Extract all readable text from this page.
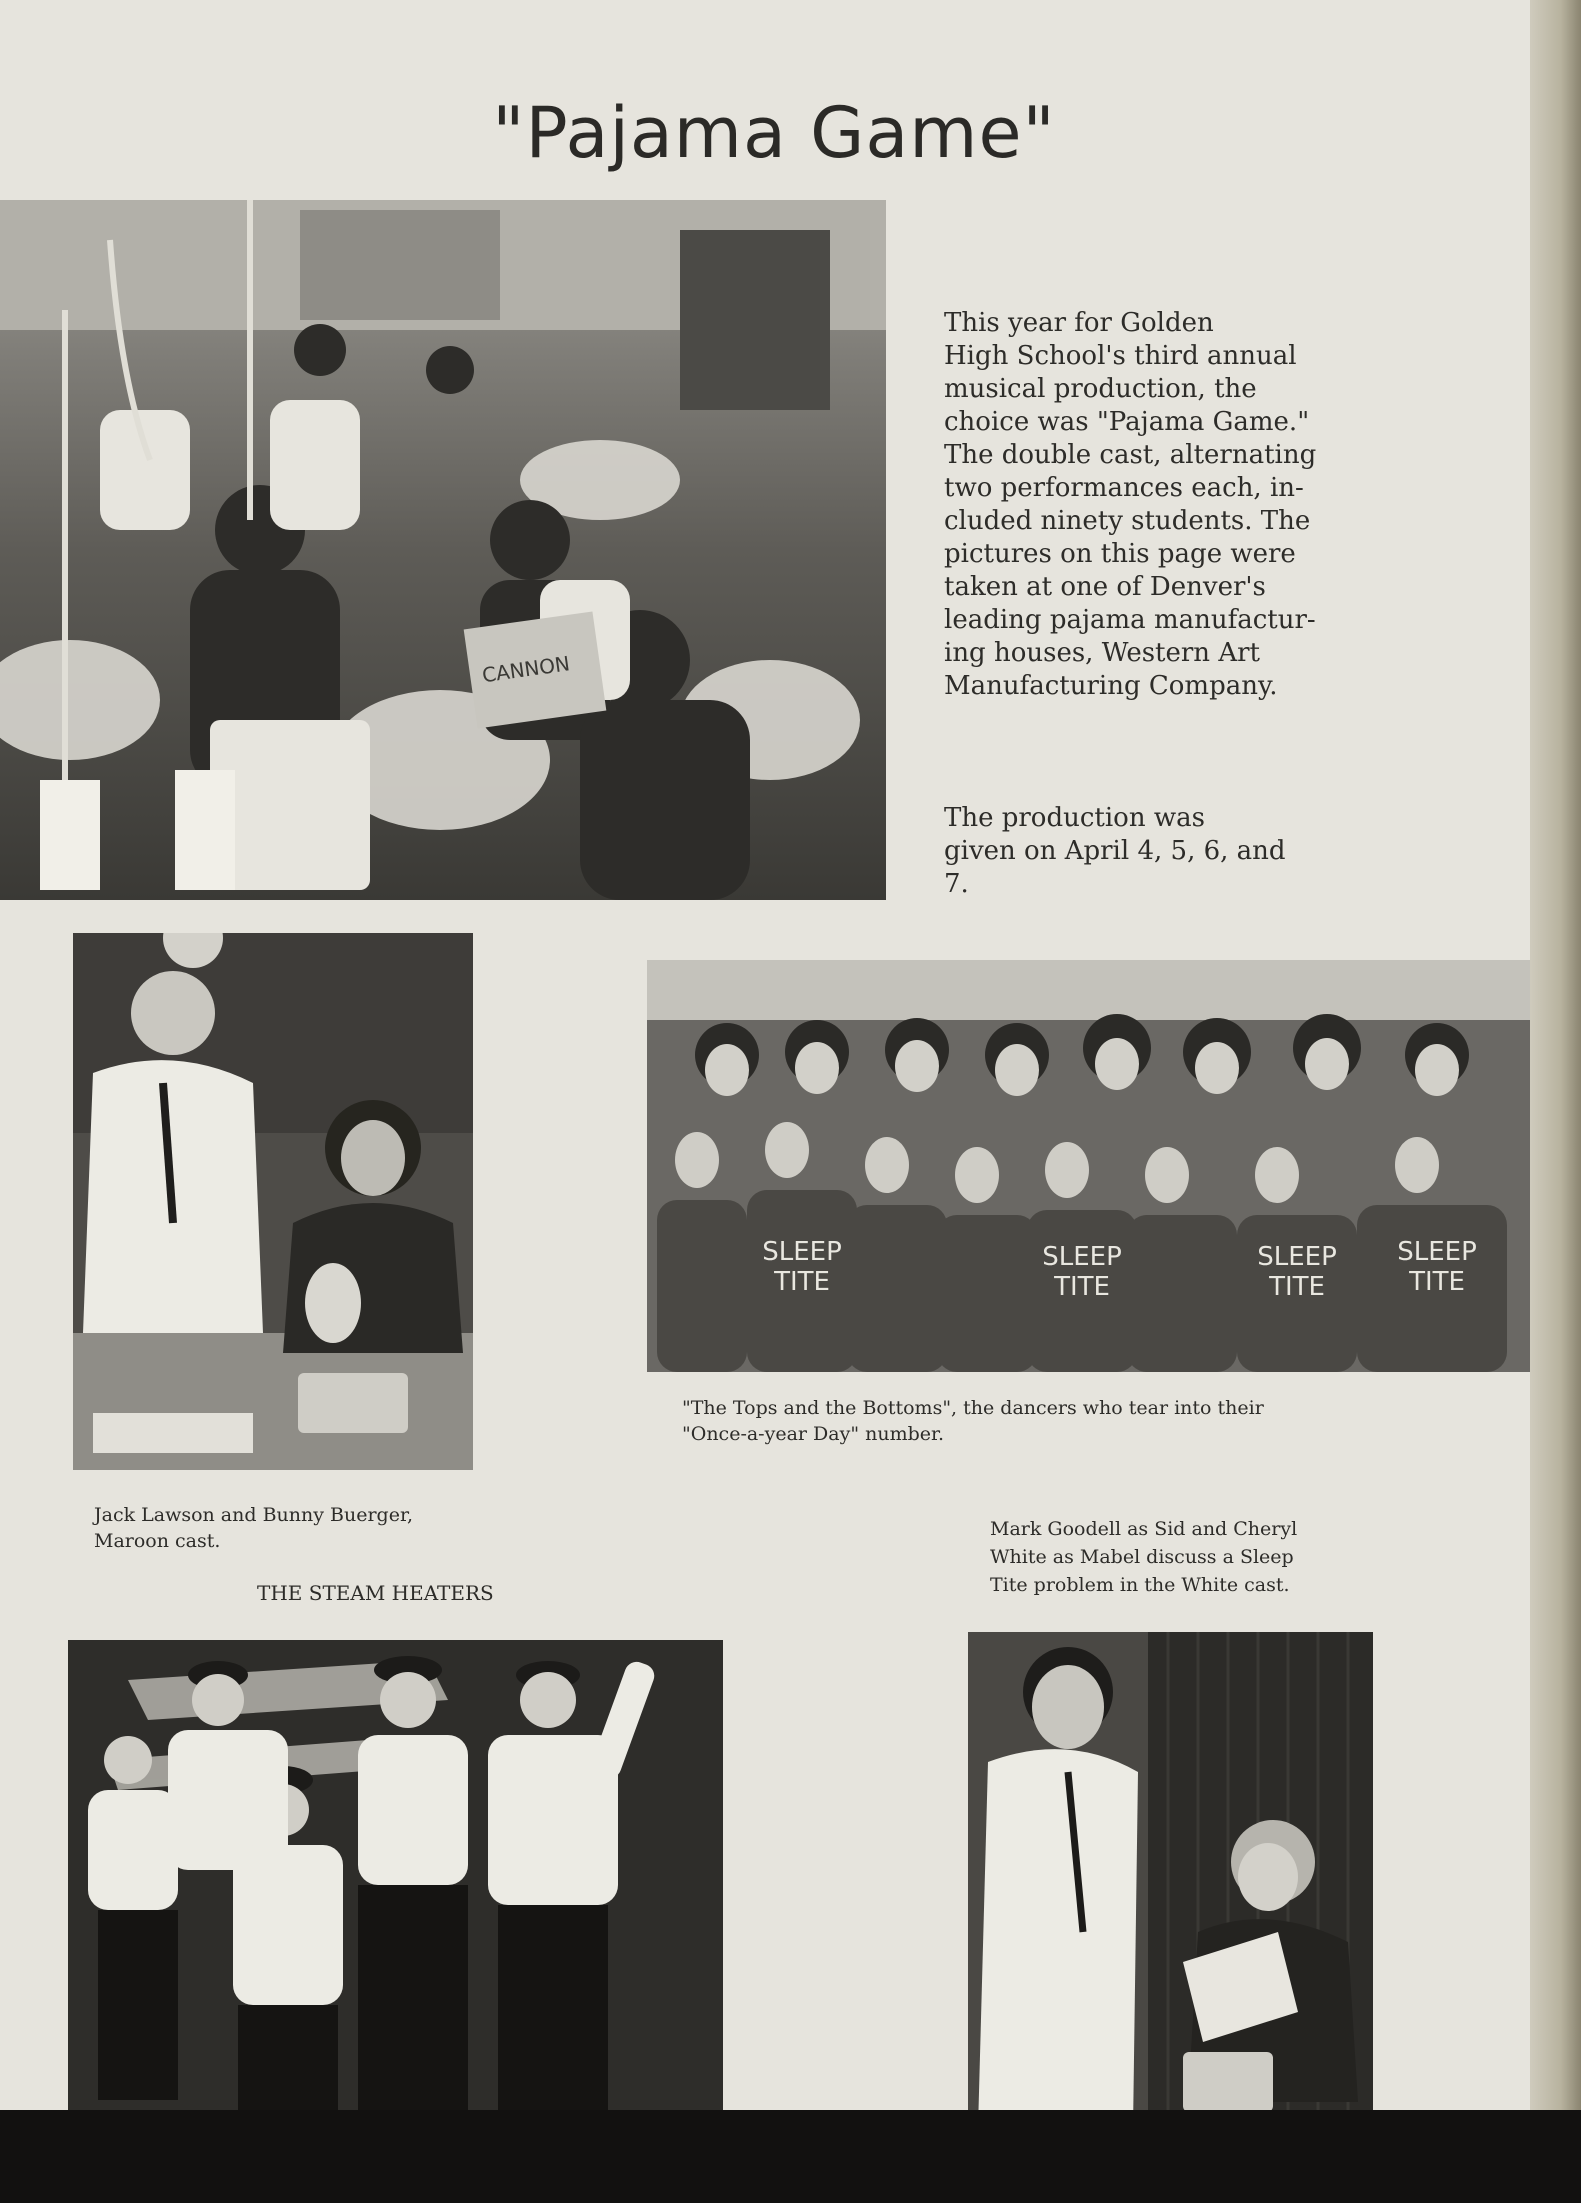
"Pajama Game"
CANNON

This year for Golden
High School's third annual
musical production, the
choice was "Pajama Game."
The double cast, alternating
two performances each, in-
cluded ninety students. The
pictures on this page were
taken at one of Denver's
leading pajama manufactur-
ing houses, Western Art
Manufacturing Company.

The production was
given on April 4, 5, 6, and
7.

SLEEP
TITE
SLEEP
TITE
SLEEP
TITE
SLEEP
TITE
"The Tops and the Bottoms", the dancers who tear into their
"Once-a-year Day" number.
Jack Lawson and Bunny Buerger,
Maroon cast.
Mark Goodell as Sid and Cheryl
White as Mabel discuss a Sleep
Tite problem in the White cast.
THE STEAM HEATERS
